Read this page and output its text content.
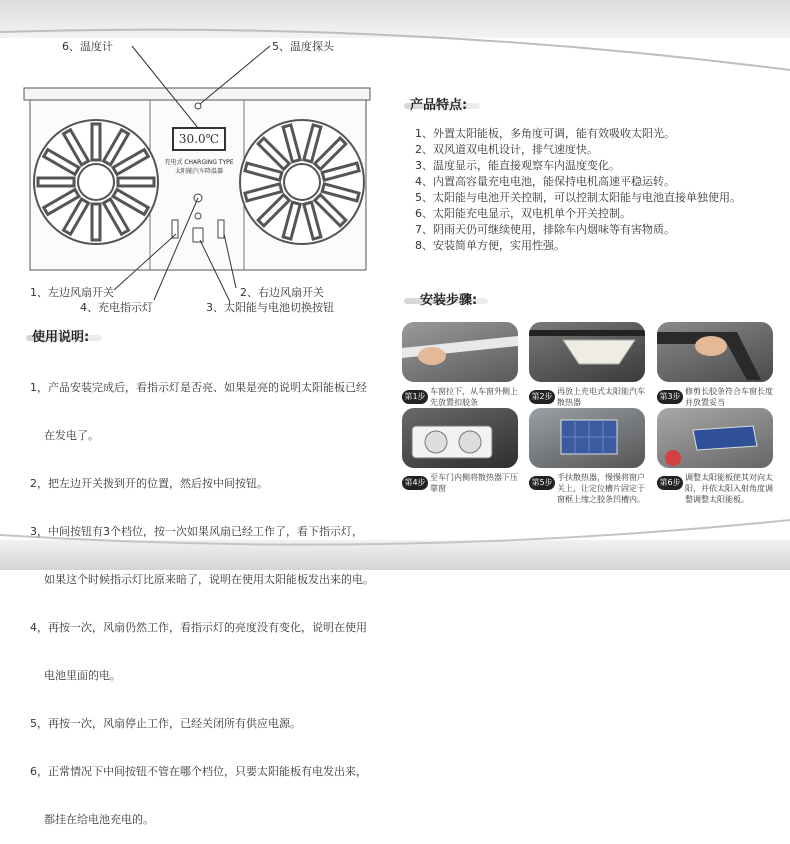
30.0℃
充电式 CHARGING TYPE
太阳能汽车降温器
6、温度计	5、温度探头
1、左边风扇开关
4、充电指示灯
2、右边风扇开关
3、太阳能与电池切换按钮
产品特点:
1、外置太阳能板，多角度可调，能有效吸收太阳光。
2、双风道双电机设计，排气速度快。
3、温度显示，能直接观察车内温度变化。
4、内置高容量充电电池，能保持电机高速平稳运转。
5、太阳能与电池开关控制，可以控制太阳能与电池直接单独使用。
6、太阳能充电显示，双电机单个开关控制。
7、阴雨天仍可继续使用，排除车内烟味等有害物质。
8、安装简单方便，实用性强。
安装步骤:
第1步	第2步	第3步
第4步	第5步	第6步
车窗拉下，从车窗外侧上先放置扣胶条
再放上充电式太阳能汽车散热器
修剪长胶条符合车窗长度并放置妥当
至车门内侧将散热器下压靠窗
手扶散热器，慢慢将窗户关上，让定位槽片固定于窗框上缘之胶条凹槽内。
调整太阳能板使其对向太阳，并依太阳入射角度调整调整太阳能板。
使用说明:

1，产品安装完成后，看指示灯是否亮、如果是亮的说明太阳能板已经

在发电了。

2，把左边开关拨到开的位置，然后按中间按钮。

3，中间按钮有3个档位，按一次如果风扇已经工作了，看下指示灯，

如果这个时候指示灯比原来暗了，说明在使用太阳能板发出来的电。

4，再按一次，风扇仍然工作，看指示灯的亮度没有变化，说明在使用

电池里面的电。

5，再按一次，风扇停止工作，已经关闭所有供应电源。

6，正常情况下中间按钮不管在哪个档位，只要太阳能板有电发出来，

都挂在给电池充电的。
